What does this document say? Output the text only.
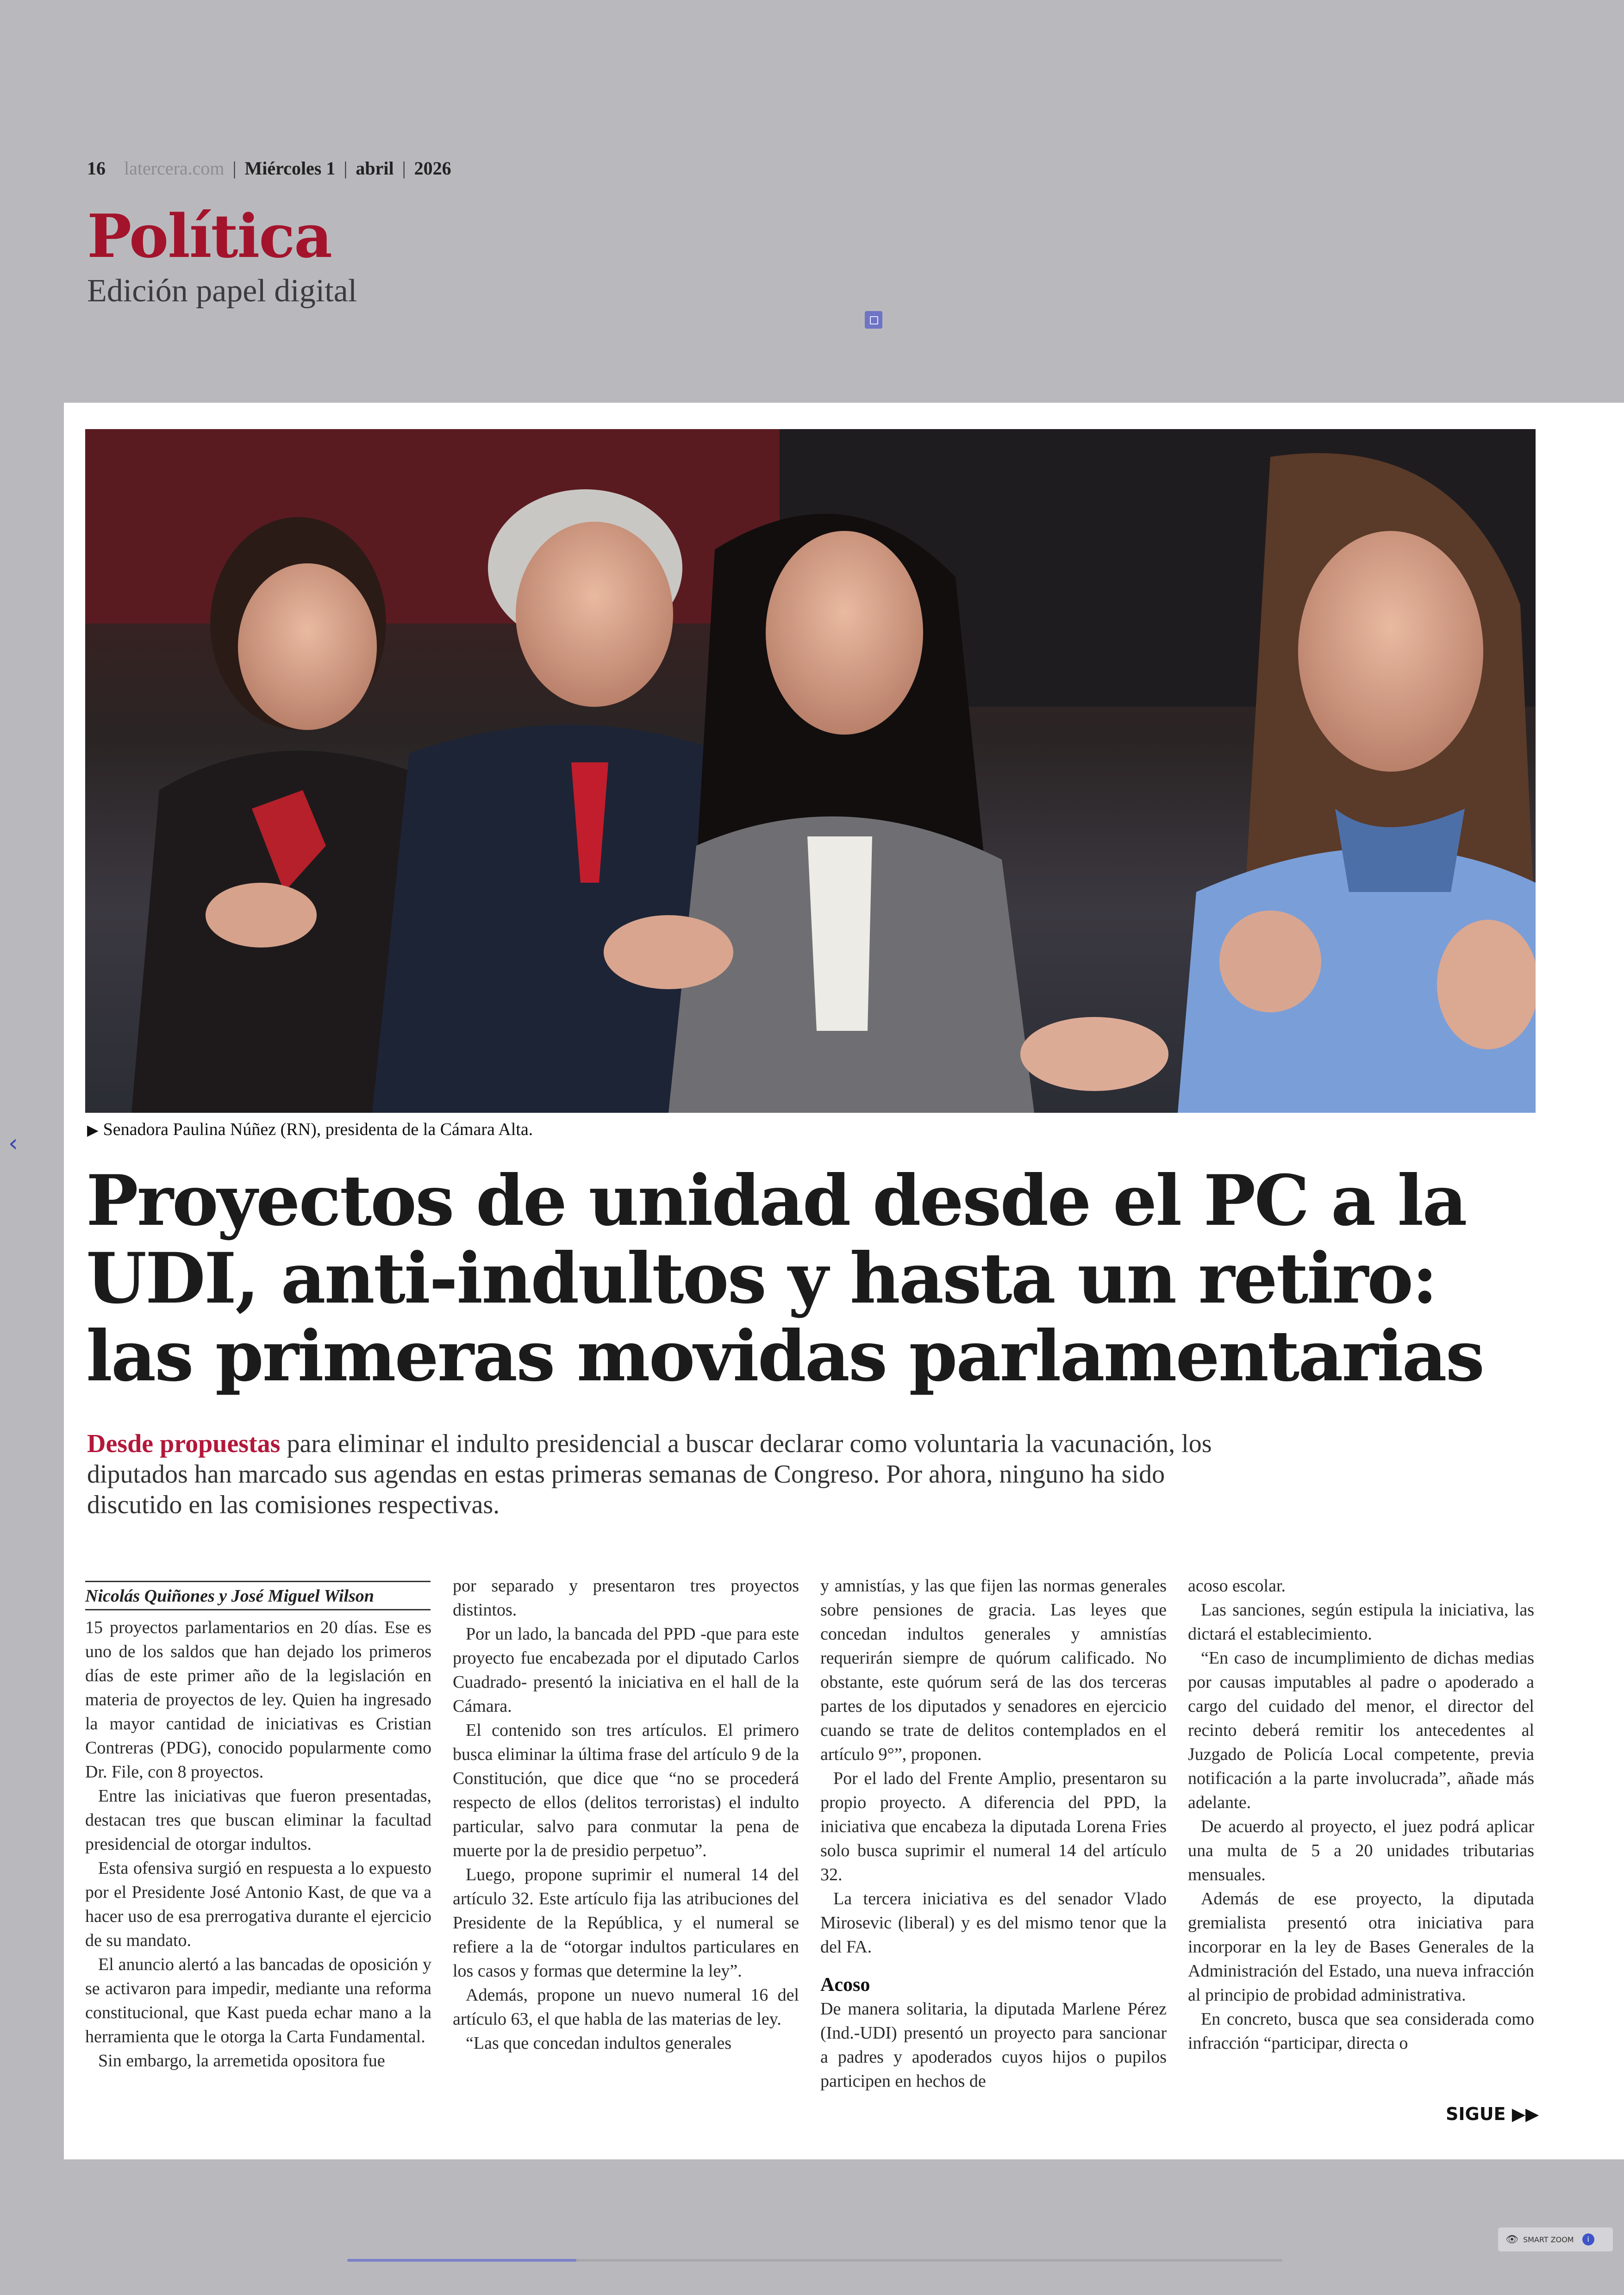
16 latercera.com | Miércoles 1 | abril | 2026
Política
Edición papel digital
‹	▶ Senadora Paulina Núñez (RN), presidenta de la Cámara Alta.
Proyectos de unidad desde el PC a la UDI, anti-indultos y hasta un retiro: las primeras movidas parlamentarias
Desde propuestas para eliminar el indulto presidencial a buscar declarar como voluntaria la vacunación, los diputados han marcado sus agendas en estas primeras semanas de Congreso. Por ahora, ninguno ha sido discutido en las comisiones respectivas.
Nicolás Quiñones y José Miguel Wilson

15 proyectos parlamentarios en 20 días. Ese es uno de los saldos que han dejado los primeros días de este primer año de la legislación en materia de proyectos de ley. Quien ha ingresado la mayor cantidad de iniciativas es Cristian Contreras (PDG), conocido popularmente como Dr. File, con 8 proyectos.

Entre las iniciativas que fueron presentadas, destacan tres que buscan eliminar la facultad presidencial de otorgar indultos.

Esta ofensiva surgió en respuesta a lo expuesto por el Presidente José Antonio Kast, de que va a hacer uso de esa prerrogativa durante el ejercicio de su mandato.

El anuncio alertó a las bancadas de oposición y se activaron para impedir, mediante una reforma constitucional, que Kast pueda echar mano a la herramienta que le otorga la Carta Fundamental.

Sin embargo, la arremetida opositora fue

por separado y presentaron tres proyectos distintos.

Por un lado, la bancada del PPD -que para este proyecto fue encabezada por el diputado Carlos Cuadrado- presentó la iniciativa en el hall de la Cámara.

El contenido son tres artículos. El primero busca eliminar la última frase del artículo 9 de la Constitución, que dice que “no se procederá respecto de ellos (delitos terroristas) el indulto particular, salvo para conmutar la pena de muerte por la de presidio perpetuo”.

Luego, propone suprimir el numeral 14 del artículo 32. Este artículo fija las atribuciones del Presidente de la República, y el numeral se refiere a la de “otorgar indultos particulares en los casos y formas que determine la ley”.

Además, propone un nuevo numeral 16 del artículo 63, el que habla de las materias de ley.

“Las que concedan indultos generales

y amnistías, y las que fijen las normas generales sobre pensiones de gracia. Las leyes que concedan indultos generales y amnistías requerirán siempre de quórum calificado. No obstante, este quórum será de las dos terceras partes de los diputados y senadores en ejercicio cuando se trate de delitos contemplados en el artículo 9°”, proponen.

Por el lado del Frente Amplio, presentaron su propio proyecto. A diferencia del PPD, la iniciativa que encabeza la diputada Lorena Fries solo busca suprimir el numeral 14 del artículo 32.

La tercera iniciativa es del senador Vlado Mirosevic (liberal) y es del mismo tenor que la del FA.

Acoso

De manera solitaria, la diputada Marlene Pérez (Ind.-UDI) presentó un proyecto para sancionar a padres y apoderados cuyos hijos o pupilos participen en hechos de

acoso escolar.

Las sanciones, según estipula la iniciativa, las dictará el establecimiento.

“En caso de incumplimiento de dichas medias por causas imputables al padre o apoderado a cargo del cuidado del menor, el director del recinto deberá remitir los antecedentes al Juzgado de Policía Local competente, previa notificación a la parte involucrada”, añade más adelante.

De acuerdo al proyecto, el juez podrá aplicar una multa de 5 a 20 unidades tributarias mensuales.

Además de ese proyecto, la diputada gremialista presentó otra iniciativa para incorporar en la ley de Bases Generales de la Administración del Estado, una nueva infracción al principio de probidad administrativa.

En concreto, busca que sea considerada como infracción “participar, directa o

SIGUE ▶▶
👁 SMART ZOOM	i
